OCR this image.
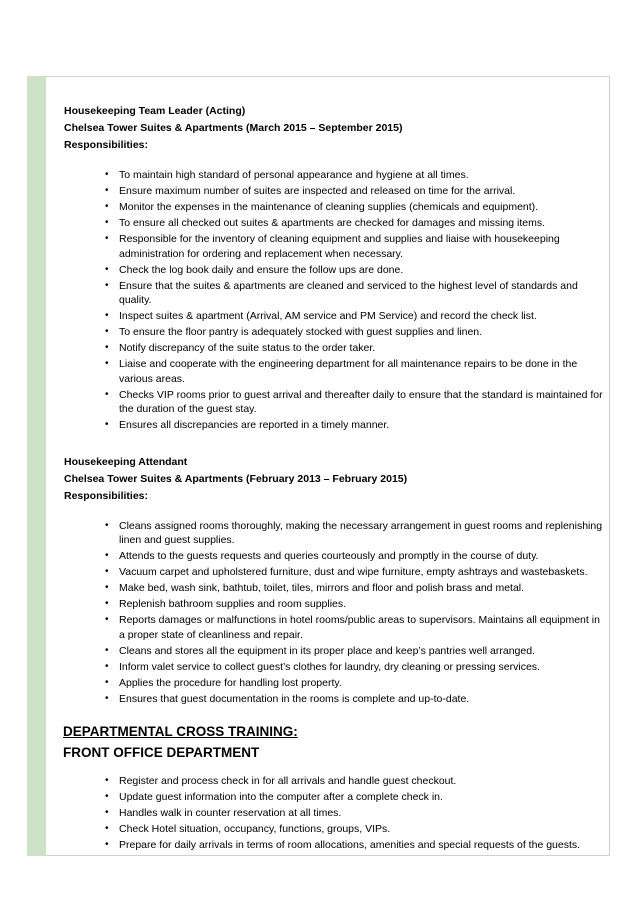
Housekeeping Team Leader (Acting)
Chelsea Tower Suites & Apartments (March 2015 – September 2015)
Responsibilities:
• To maintain high standard of personal appearance and hygiene at all times.
• Ensure maximum number of suites are inspected and released on time for the arrival.
• Monitor the expenses in the maintenance of cleaning supplies (chemicals and equipment).
• To ensure all checked out suites & apartments are checked for damages and missing items.
• Responsible for the inventory of cleaning equipment and supplies and liaise with housekeeping administration for ordering and replacement when necessary.
• Check the log book daily and ensure the follow ups are done.
• Ensure that the suites & apartments are cleaned and serviced to the highest level of standards and quality.
• Inspect suites & apartment (Arrival, AM service and PM Service) and record the check list.
• To ensure the floor pantry is adequately stocked with guest supplies and linen.
• Notify discrepancy of the suite status to the order taker.
• Liaise and cooperate with the engineering department for all maintenance repairs to be done in the various areas.
• Checks VIP rooms prior to guest arrival and thereafter daily to ensure that the standard is maintained for the duration of the guest stay.
• Ensures all discrepancies are reported in a timely manner.
Housekeeping Attendant
Chelsea Tower Suites & Apartments (February 2013 – February 2015)
Responsibilities:
• Cleans assigned rooms thoroughly, making the necessary arrangement in guest rooms and replenishing linen and guest supplies.
• Attends to the guests requests and queries courteously and promptly in the course of duty.
• Vacuum carpet and upholstered furniture, dust and wipe furniture, empty ashtrays and wastebaskets.
• Make bed, wash sink, bathtub, toilet, tiles, mirrors and floor and polish brass and metal.
• Replenish bathroom supplies and room supplies.
• Reports damages or malfunctions in hotel rooms/public areas to supervisors. Maintains all equipment in a proper state of cleanliness and repair.
• Cleans and stores all the equipment in its proper place and keep’s pantries well arranged.
• Inform valet service to collect guest’s clothes for laundry, dry cleaning or pressing services.
• Applies the procedure for handling lost property.
• Ensures that guest documentation in the rooms is complete and up-to-date.
DEPARTMENTAL CROSS TRAINING:
FRONT OFFICE DEPARTMENT
• Register and process check in for all arrivals and handle guest checkout.
• Update guest information into the computer after a complete check in.
• Handles walk in counter reservation at all times.
• Check Hotel situation, occupancy, functions, groups, VIPs.
• Prepare for daily arrivals in terms of room allocations, amenities and special requests of the guests.
